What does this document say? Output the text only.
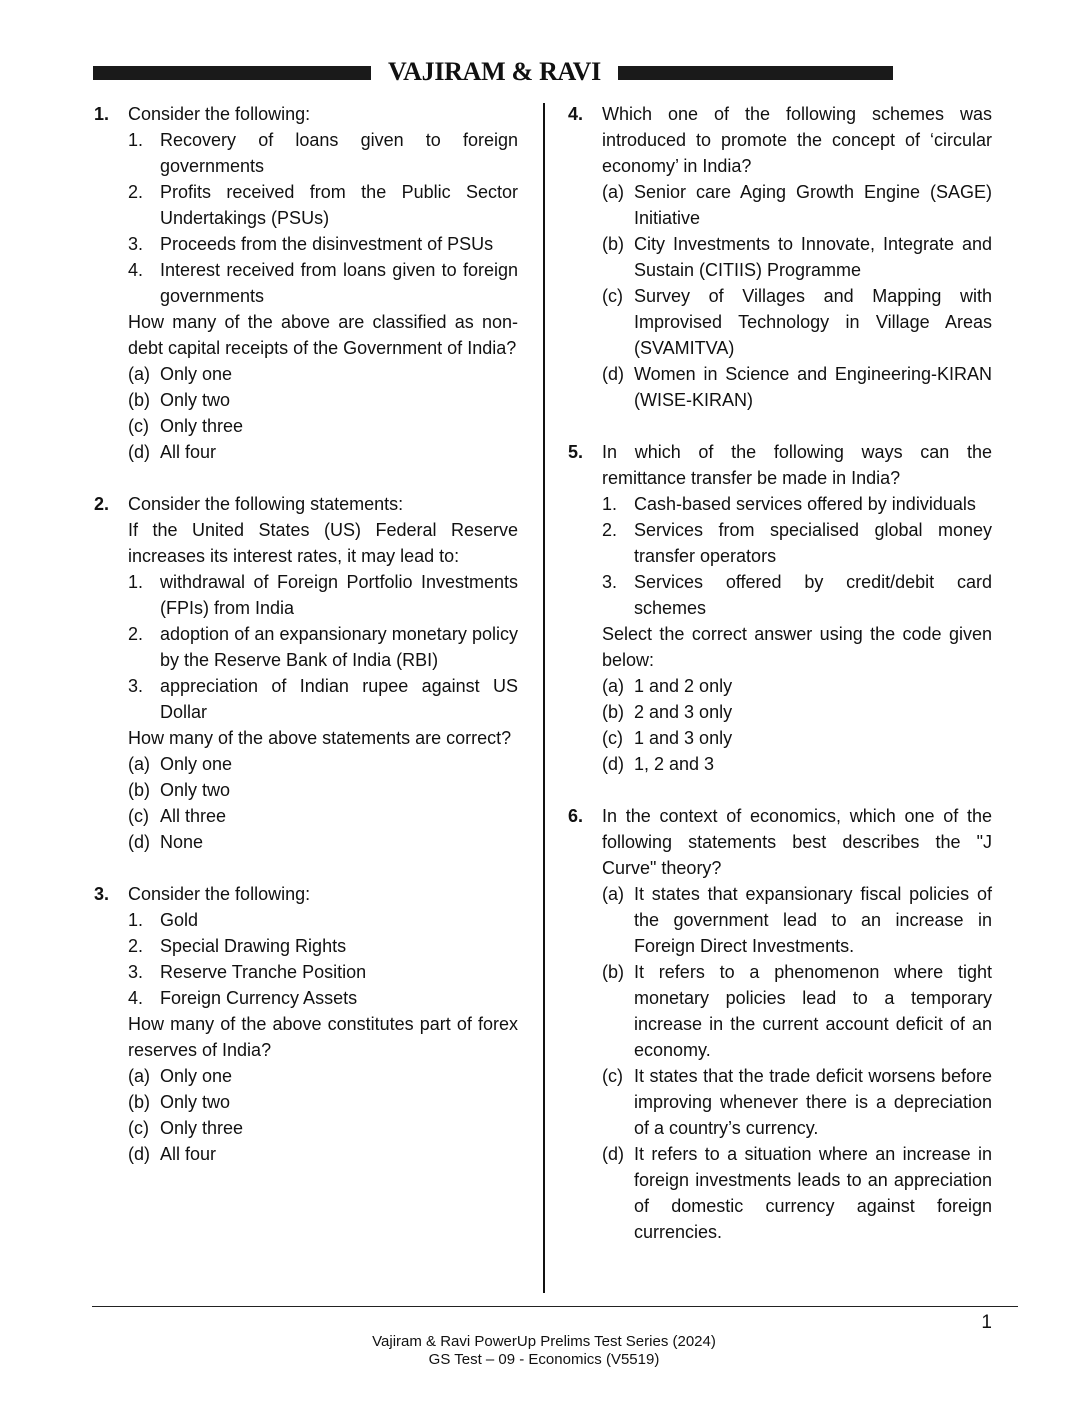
VAJIRAM & RAVI
1. Consider the following:
1. Recovery of loans given to foreign governments
2. Profits received from the Public Sector Undertakings (PSUs)
3. Proceeds from the disinvestment of PSUs
4. Interest received from loans given to foreign governments
How many of the above are classified as non-debt capital receipts of the Government of India?
(a) Only one
(b) Only two
(c) Only three
(d) All four
2. Consider the following statements:
If the United States (US) Federal Reserve increases its interest rates, it may lead to:
1. withdrawal of Foreign Portfolio Investments (FPIs) from India
2. adoption of an expansionary monetary policy by the Reserve Bank of India (RBI)
3. appreciation of Indian rupee against US Dollar
How many of the above statements are correct?
(a) Only one
(b) Only two
(c) All three
(d) None
3. Consider the following:
1. Gold
2. Special Drawing Rights
3. Reserve Tranche Position
4. Foreign Currency Assets
How many of the above constitutes part of forex reserves of India?
(a) Only one
(b) Only two
(c) Only three
(d) All four
4. Which one of the following schemes was introduced to promote the concept of ‘circular economy’ in India?
(a) Senior care Aging Growth Engine (SAGE) Initiative
(b) City Investments to Innovate, Integrate and Sustain (CITIIS) Programme
(c) Survey of Villages and Mapping with Improvised Technology in Village Areas (SVAMITVA)
(d) Women in Science and Engineering-KIRAN (WISE-KIRAN)
5. In which of the following ways can the remittance transfer be made in India?
1. Cash-based services offered by individuals
2. Services from specialised global money transfer operators
3. Services offered by credit/debit card schemes
Select the correct answer using the code given below:
(a) 1 and 2 only
(b) 2 and 3 only
(c) 1 and 3 only
(d) 1, 2 and 3
6. In the context of economics, which one of the following statements best describes the "J Curve" theory?
(a) It states that expansionary fiscal policies of the government lead to an increase in Foreign Direct Investments.
(b) It refers to a phenomenon where tight monetary policies lead to a temporary increase in the current account deficit of an economy.
(c) It states that the trade deficit worsens before improving whenever there is a depreciation of a country’s currency.
(d) It refers to a situation where an increase in foreign investments leads to an appreciation of domestic currency against foreign currencies.
1
Vajiram & Ravi PowerUp Prelims Test Series (2024)
GS Test – 09 - Economics (V5519)
